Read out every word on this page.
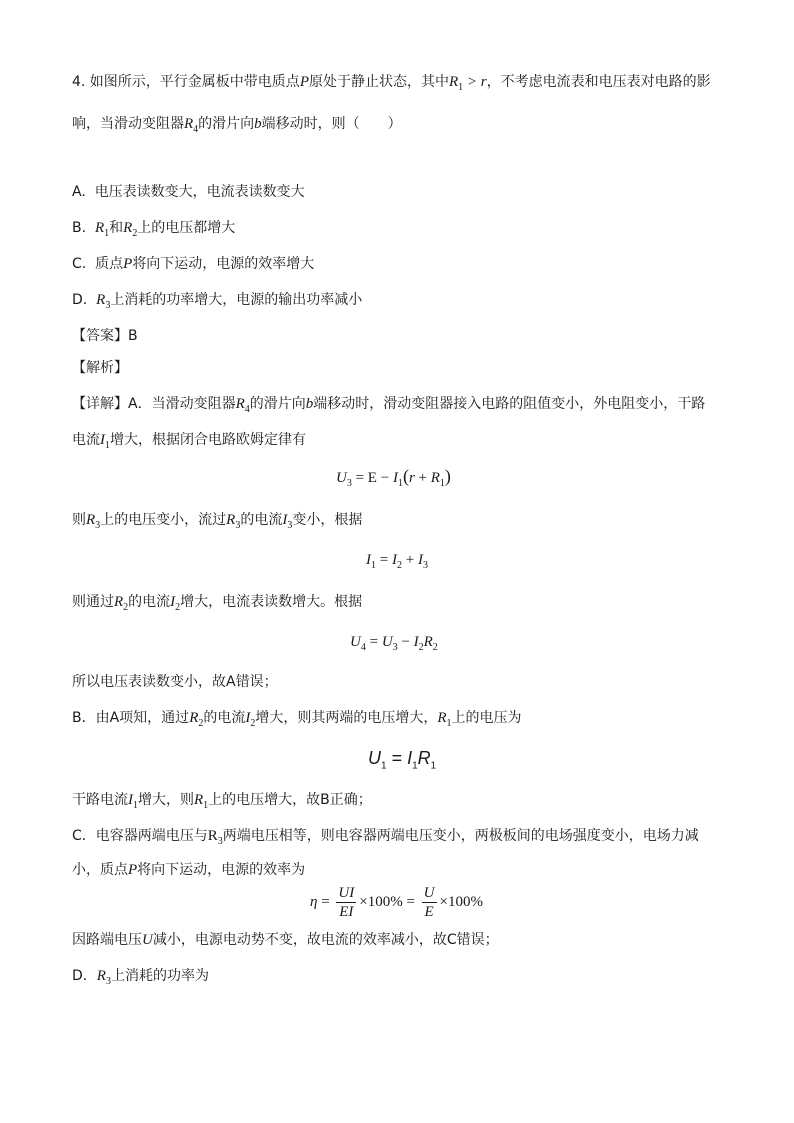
4. 如图所示，平行金属板中带电质点P原处于静止状态，其中$R_1 > r$，不考虑电流表和电压表对电路的影
响，当滑动变阻器$R_4$的滑片向b端移动时，则（　　）
A. 电压表读数变大，电流表读数变大
B. $R_1$和$R_2$上的电压都增大
C. 质点P将向下运动，电源的效率增大
D. $R_3$上消耗的功率增大，电源的输出功率减小
【答案】B
【解析】
【详解】A．当滑动变阻器$R_4$的滑片向b端移动时，滑动变阻器接入电路的阻值变小，外电阻变小，干路
电流$I_1$增大，根据闭合电路欧姆定律有
$U_3 = E - I_1(r + R_1)$
则$R_3$上的电压变小，流过$R_3$的电流$I_3$变小，根据
$I_1 = I_2 + I_3$
则通过$R_2$的电流$I_2$增大，电流表读数增大。根据
$U_4 = U_3 - I_2R_2$
所以电压表读数变小，故A错误；
B．由A项知，通过$R_2$的电流$I_2$增大，则其两端的电压增大，$R_1$上的电压为
$U_1 = I_1R_1$
干路电流$I_1$增大，则$R_1$上的电压增大，故B正确；
C．电容器两端电压与$R_3$两端电压相等，则电容器两端电压变小，两极板间的电场强度变小，电场力减
小，质点P将向下运动，电源的效率为
$\eta = \frac{UI}{EI} \times 100\% = \frac{U}{E} \times 100\%$
因路端电压U减小，电源电动势不变，故电流的效率减小，故C错误；
D．$R_3$上消耗的功率为
